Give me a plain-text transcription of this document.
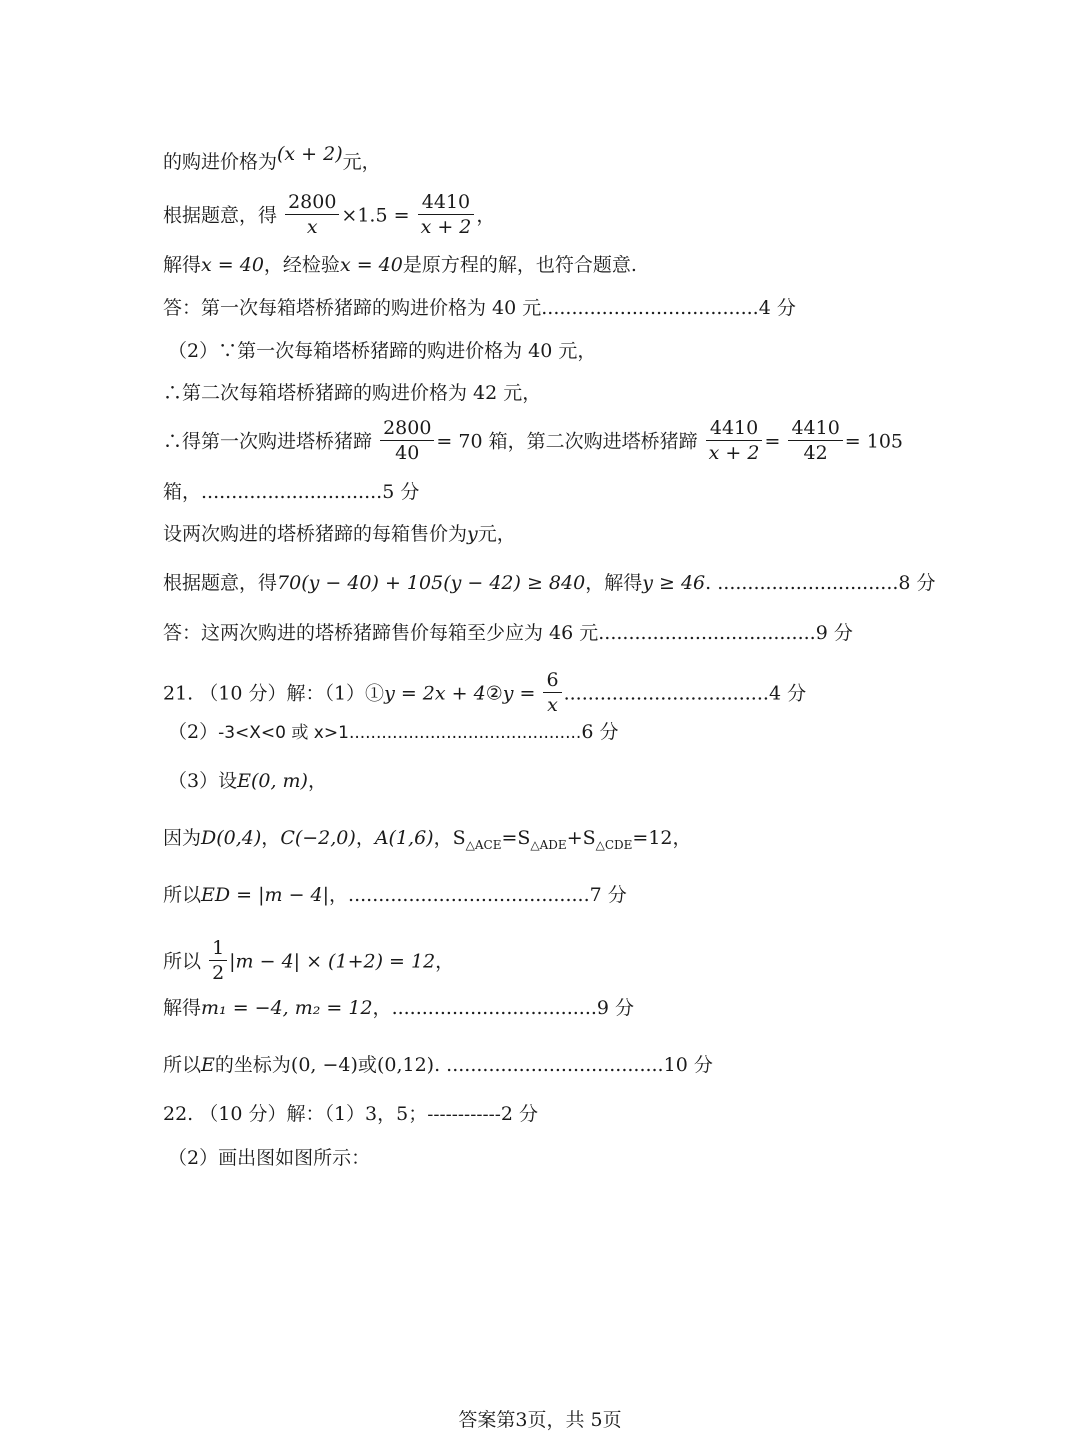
的购进价格为(x + 2)元，
根据题意，得 $\frac{2800}{x} \times 1.5 = \frac{4410}{x + 2}$ ，
解得x = 40，经检验x = 40是原方程的解，也符合题意.
答：第一次每箱塔桥猪蹄的购进价格为 40 元....................................4 分
（2）∵第一次每箱塔桥猪蹄的购进价格为 40 元，
∴第二次每箱塔桥猪蹄的购进价格为 42 元，
∴得第一次购进塔桥猪蹄 $\frac{2800}{40} = 70$ 箱，第二次购进塔桥猪蹄 $\frac{4410}{x + 2} = \frac{4410}{42} = 105$
箱，..............................5 分
设两次购进的塔桥猪蹄的每箱售价为y元，
根据题意，得70(y − 40) + 105(y − 42) ≥ 840，解得y ≥ 46. ..............................8 分
答：这两次购进的塔桥猪蹄售价每箱至少应为 46 元....................................9 分
21. （10 分）解：（1）①y = 2x + 4②y = $\frac{6}{x} ..................................4$ 分
（2）-3<X<0 或 x>1...........................................6 分
（3）设E(0, m)，
因为D(0,4)，C(−2,0)，A(1,6)，$S_{\triangle ACE}=S_{\triangle ADE}+S_{\triangle CDE}=12$，
所以ED = |m − 4|，........................................7 分
所以 $\frac{1}{2} |m - 4| \times (1+2) = 12$，
解得m₁ = −4, m₂ = 12，..................................9 分
所以E的坐标为(0, −4)或(0,12). ....................................10 分
22. （10 分）解：（1）3，5；------------2 分
（2）画出图如图所示：
答案第3页，共 5页
